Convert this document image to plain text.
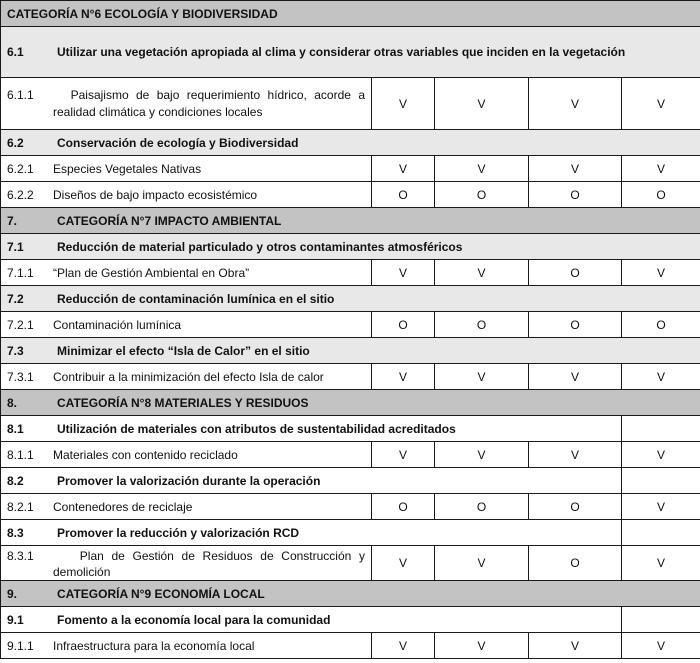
CATEGORÍA N°6 ECOLOGÍA Y BIODIVERSIDAD				
6.1 Utilizar una vegetación apropiada al clima y considerar otras variables que inciden en la vegetación				

6.1.1 Paisajismo de bajo requerimiento hídrico, acorde a
realidad climática y condiciones locales	V	V	V	V
6.2 Conservación de ecología y Biodiversidad				
6.2.1 Especies Vegetales Nativas	V	V	V	V
6.2.2 Diseños de bajo impacto ecosistémico	O	O	O	O
7. CATEGORÍA N°7 IMPACTO AMBIENTAL				
7.1 Reducción de material particulado y otros contaminantes atmosféricos				
7.1.1 “Plan de Gestión Ambiental en Obra”	V	V	O	V
7.2 Reducción de contaminación lumínica en el sitio				
7.2.1 Contaminación lumínica	O	O	O	O
7.3 Minimizar el efecto “Isla de Calor” en el sitio				
7.3.1 Contribuir a la minimización del efecto Isla de calor	V	V	V	V
8. CATEGORÍA N°8 MATERIALES Y RESIDUOS				
8.1 Utilización de materiales con atributos de sustentabilidad acreditados				
8.1.1 Materiales con contenido reciclado	V	V	V	V
8.2 Promover la valorización durante la operación				
8.2.1 Contenedores de reciclaje	O	O	O	V
8.3 Promover la reducción y valorización RCD				

8.3.1 Plan de Gestión de Residuos de Construcción y
demolición	V	V	O	V
9. CATEGORÍA N°9 ECONOMÍA LOCAL				
9.1 Fomento a la economía local para la comunidad				
9.1.1 Infraestructura para la economía local	V	V	V	V
